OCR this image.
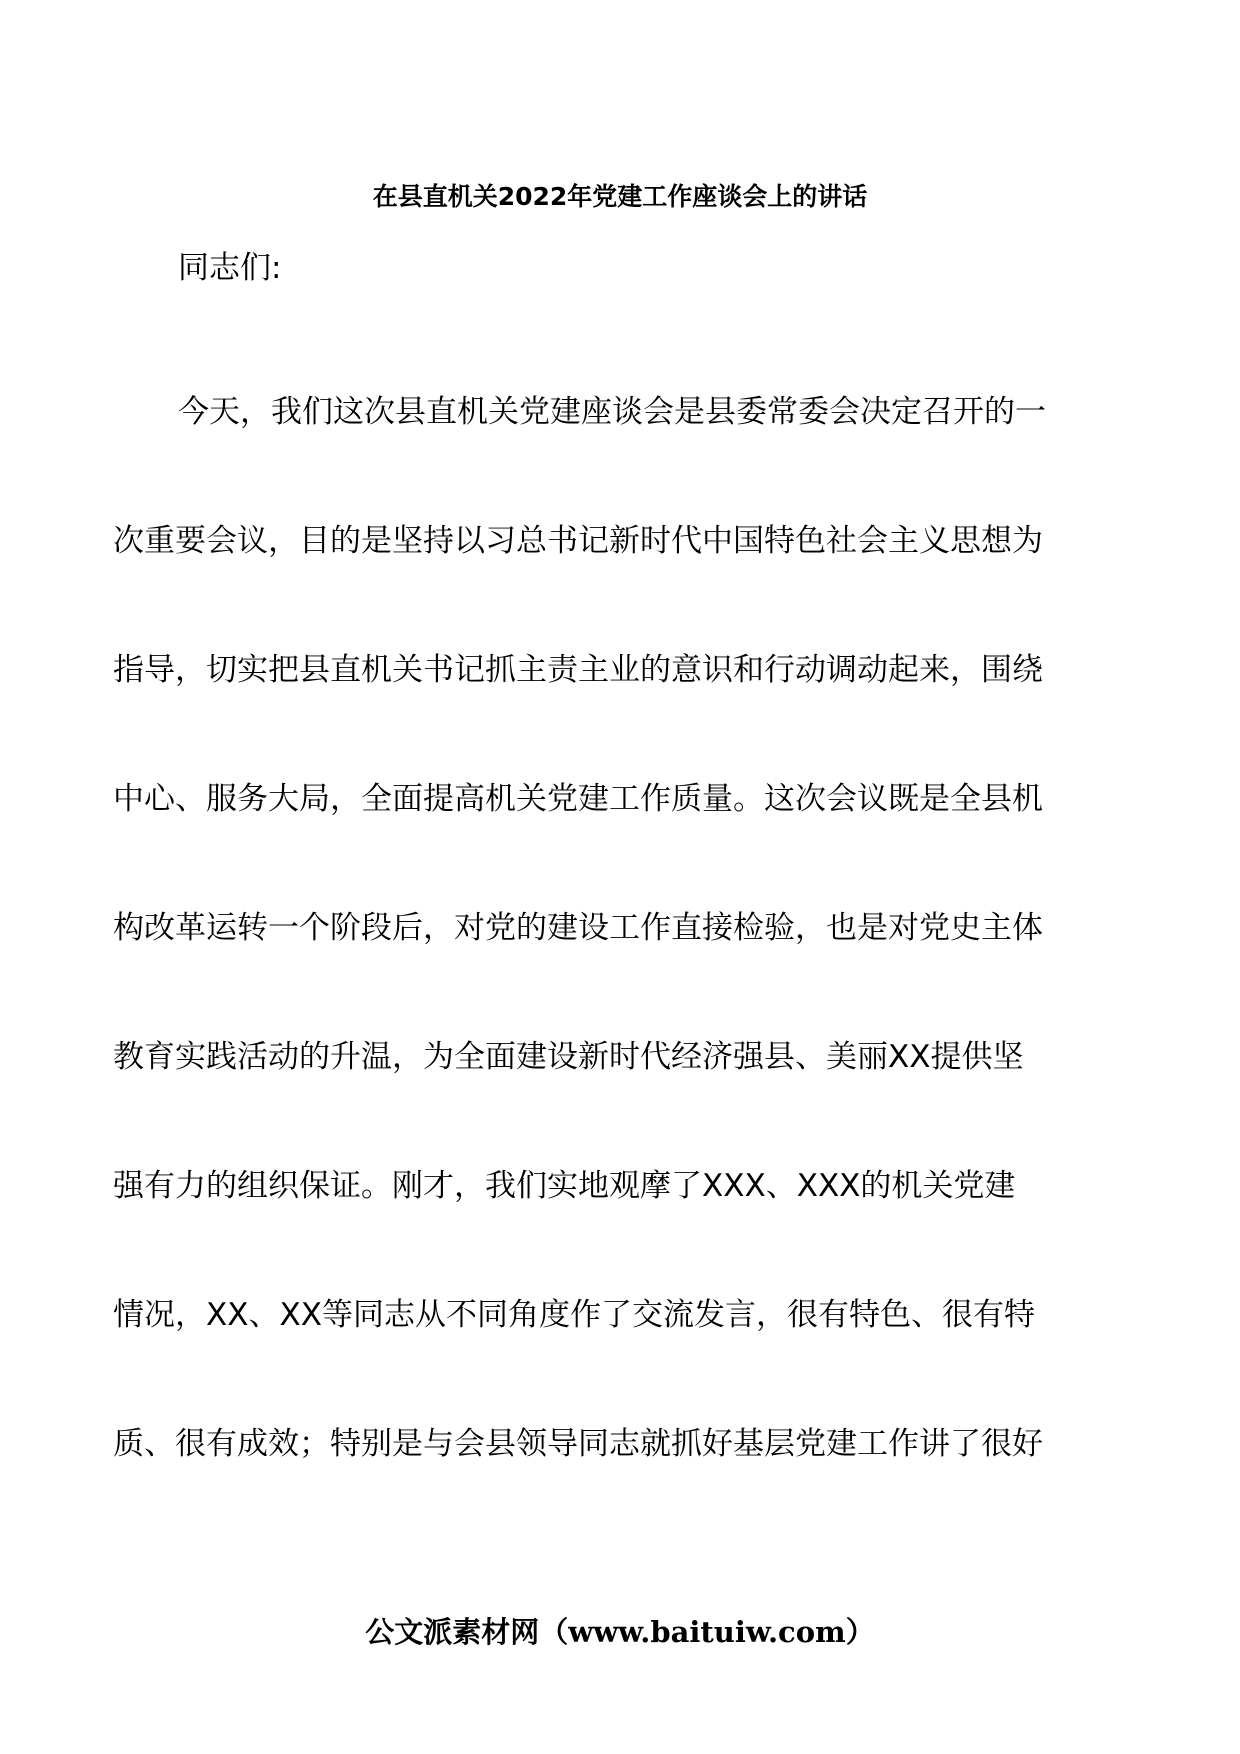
在县直机关2022年党建工作座谈会上的讲话
同志们:
今天，我们这次县直机关党建座谈会是县委常委会决定召开的一
次重要会议，目的是坚持以习总书记新时代中国特色社会主义思想为
指导，切实把县直机关书记抓主责主业的意识和行动调动起来，围绕
中心、服务大局，全面提高机关党建工作质量。这次会议既是全县机
构改革运转一个阶段后，对党的建设工作直接检验，也是对党史主体
教育实践活动的升温，为全面建设新时代经济强县、美丽XX提供坚
强有力的组织保证。刚才，我们实地观摩了XXX、XXX的机关党建
情况，XX、XX等同志从不同角度作了交流发言，很有特色、很有特
质、很有成效；特别是与会县领导同志就抓好基层党建工作讲了很好
公文派素材网（www.baituiw.com）
